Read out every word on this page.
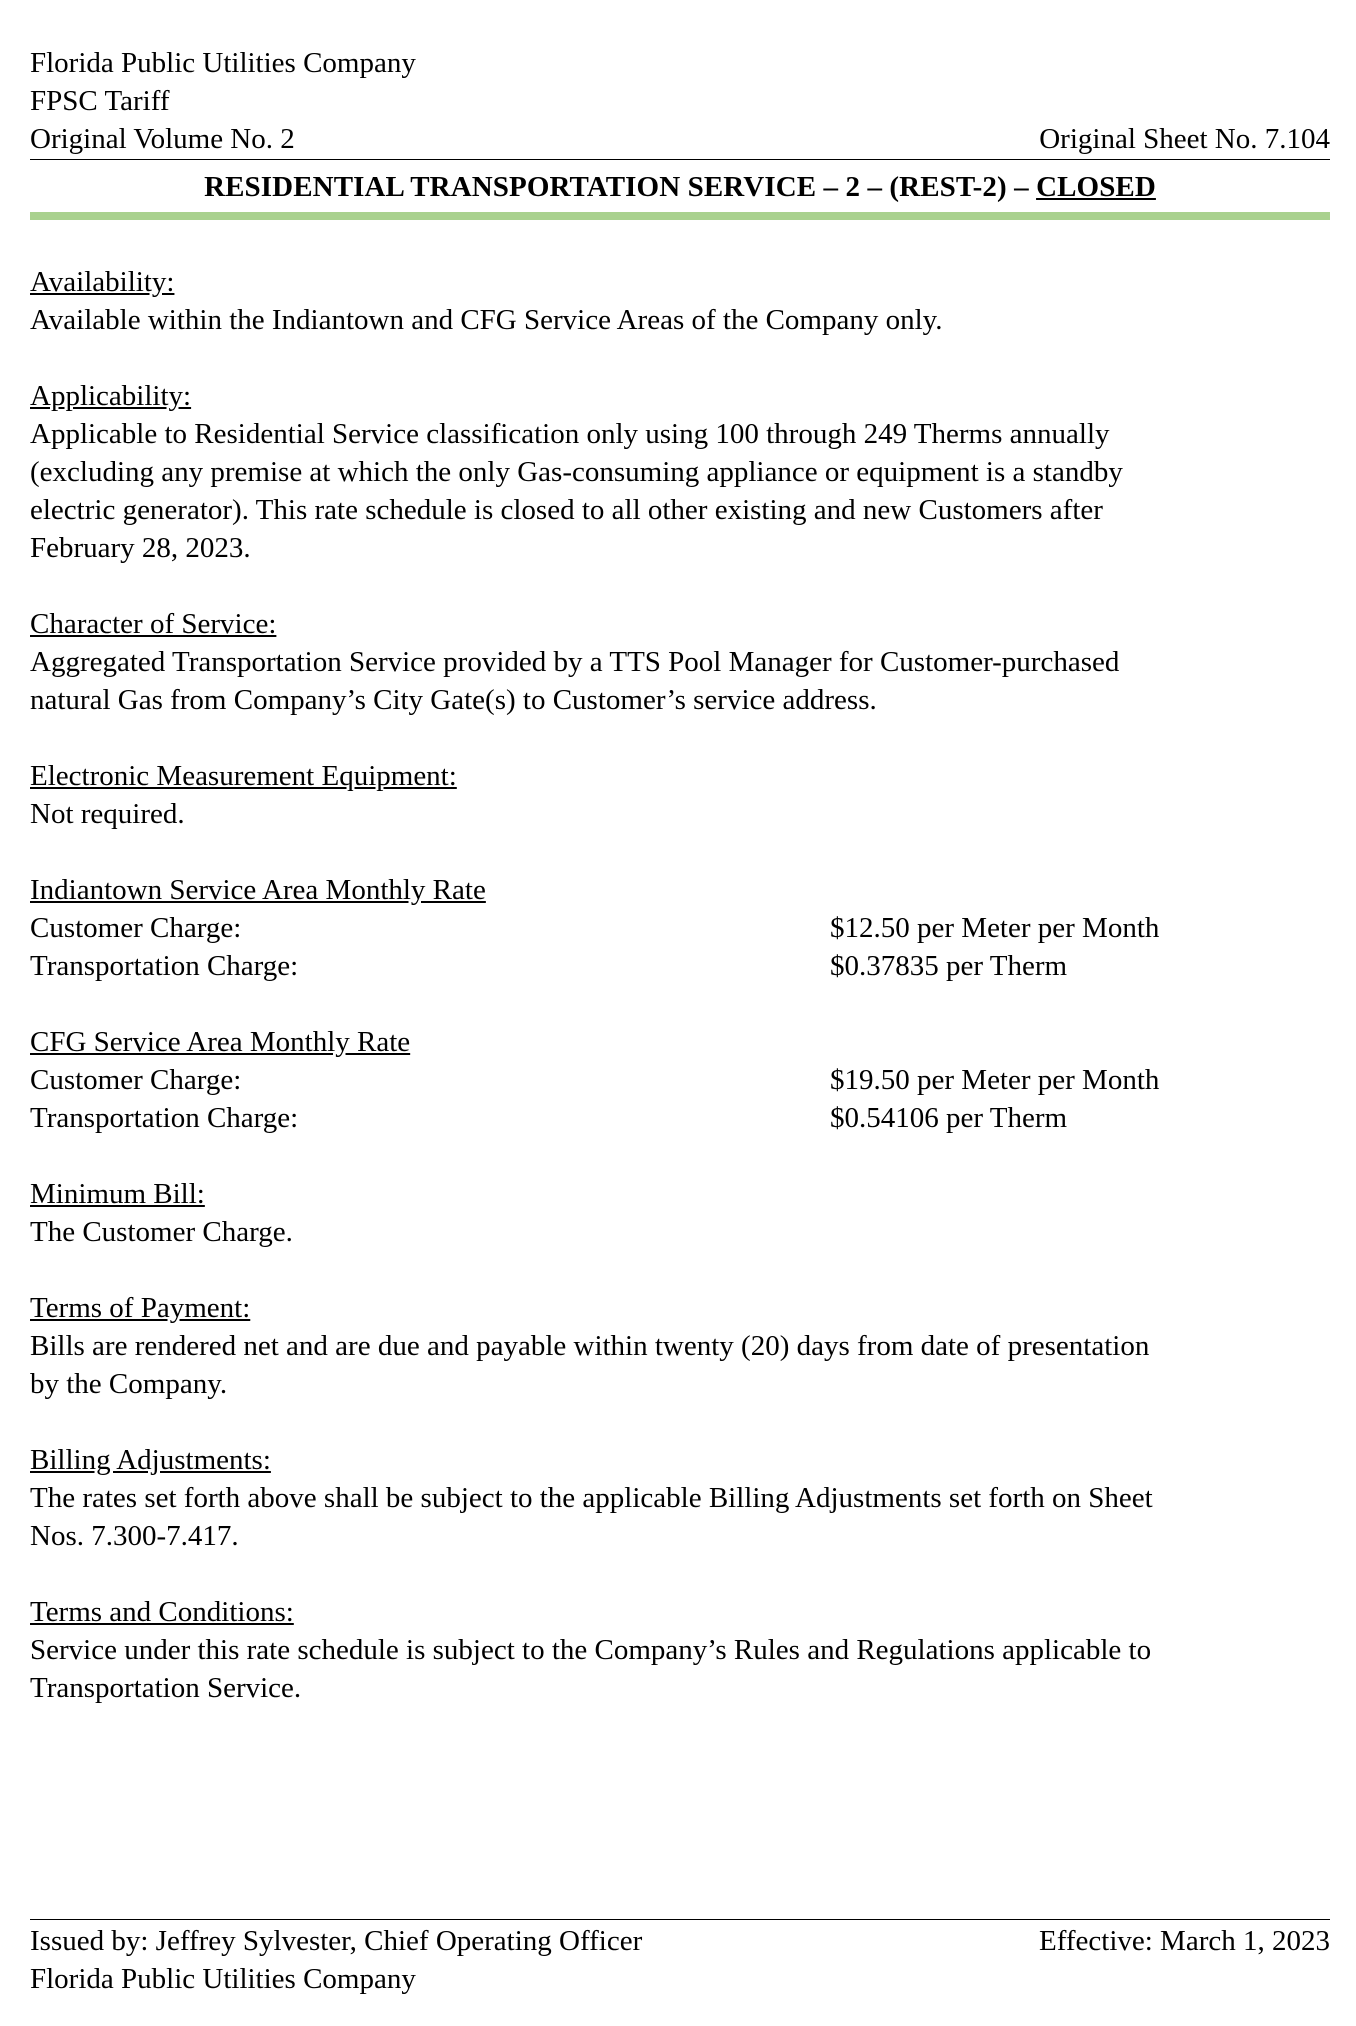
Florida Public Utilities Company
FPSC Tariff
Original Volume No. 2	Original Sheet No. 7.104
RESIDENTIAL TRANSPORTATION SERVICE – 2 – (REST-2) – CLOSED
Availability:
Available within the Indiantown and CFG Service Areas of the Company only.
Applicability:
Applicable to Residential Service classification only using 100 through 249 Therms annually
(excluding any premise at which the only Gas-consuming appliance or equipment is a standby
electric generator). This rate schedule is closed to all other existing and new Customers after
February 28, 2023.
Character of Service:
Aggregated Transportation Service provided by a TTS Pool Manager for Customer-purchased
natural Gas from Company’s City Gate(s) to Customer’s service address.
Electronic Measurement Equipment:
Not required.
Indiantown Service Area Monthly Rate
Customer Charge:	$12.50 per Meter per Month
Transportation Charge:	$0.37835 per Therm
CFG Service Area Monthly Rate
Customer Charge:	$19.50 per Meter per Month
Transportation Charge:	$0.54106 per Therm
Minimum Bill:
The Customer Charge.
Terms of Payment:
Bills are rendered net and are due and payable within twenty (20) days from date of presentation
by the Company.
Billing Adjustments:
The rates set forth above shall be subject to the applicable Billing Adjustments set forth on Sheet
Nos. 7.300-7.417.
Terms and Conditions:
Service under this rate schedule is subject to the Company’s Rules and Regulations applicable to
Transportation Service.
Issued by: Jeffrey Sylvester, Chief Operating Officer	Effective: March 1, 2023
Florida Public Utilities Company
